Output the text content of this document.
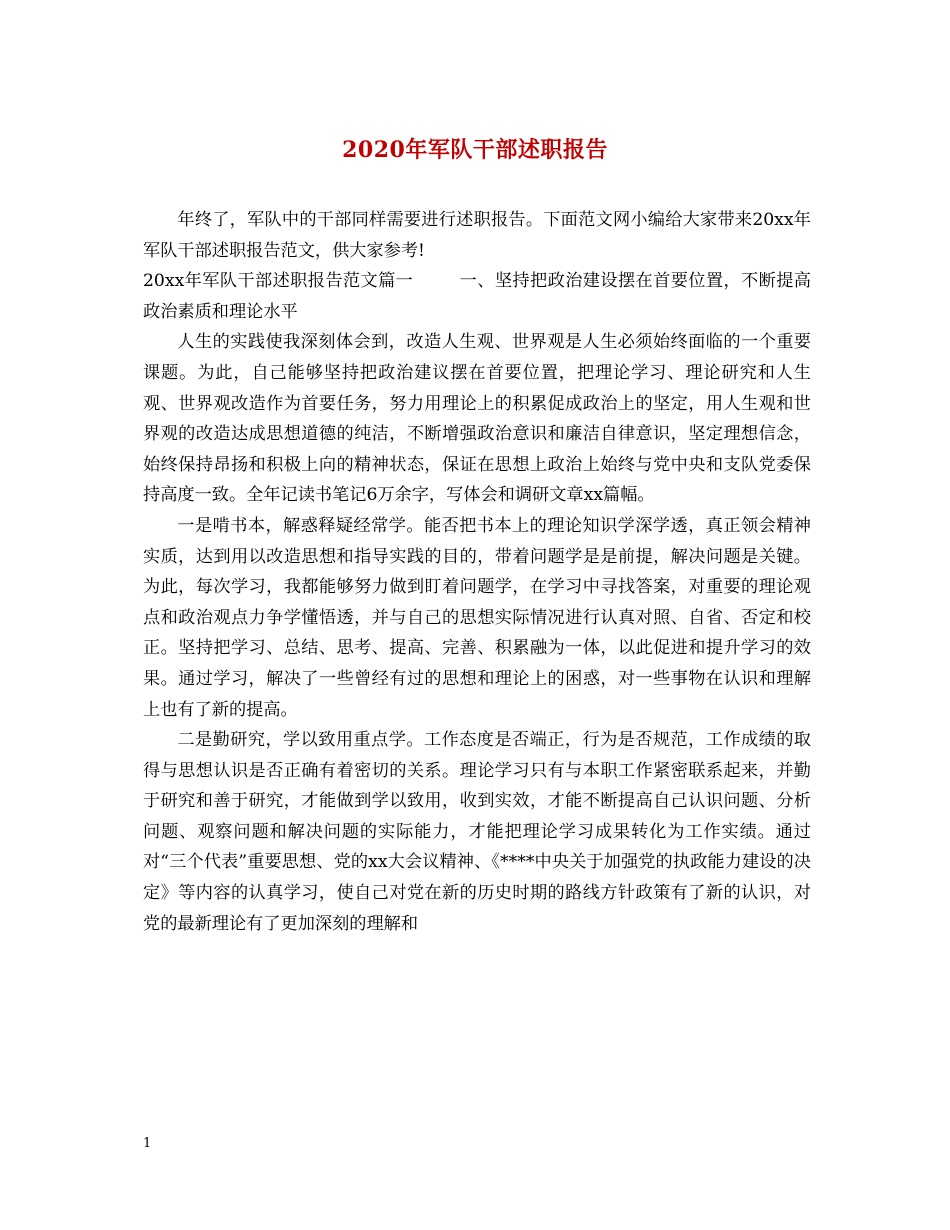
2020年军队干部述职报告

年终了，军队中的干部同样需要进行述职报告。下面范文网小编给大家带来20xx年军队干部述职报告范文，供大家参考!

20xx年军队干部述职报告范文篇一	一、坚持把政治建设摆在首要位置，不断提高政治素质和理论水平

人生的实践使我深刻体会到，改造人生观、世界观是人生必须始终面临的一个重要课题。为此，自己能够坚持把政治建议摆在首要位置，把理论学习、理论研究和人生观、世界观改造作为首要任务，努力用理论上的积累促成政治上的坚定，用人生观和世界观的改造达成思想道德的纯洁，不断增强政治意识和廉洁自律意识，坚定理想信念，始终保持昂扬和积极上向的精神状态，保证在思想上政治上始终与党中央和支队党委保持高度一致。全年记读书笔记6万余字，写体会和调研文章xx篇幅。

一是啃书本，解惑释疑经常学。能否把书本上的理论知识学深学透，真正领会精神实质，达到用以改造思想和指导实践的目的，带着问题学是是前提，解决问题是关键。为此，每次学习，我都能够努力做到盯着问题学，在学习中寻找答案，对重要的理论观点和政治观点力争学懂悟透，并与自己的思想实际情况进行认真对照、自省、否定和校正。坚持把学习、总结、思考、提高、完善、积累融为一体，以此促进和提升学习的效果。通过学习，解决了一些曾经有过的思想和理论上的困惑，对一些事物在认识和理解上也有了新的提高。

二是勤研究，学以致用重点学。工作态度是否端正，行为是否规范，工作成绩的取得与思想认识是否正确有着密切的关系。理论学习只有与本职工作紧密联系起来，并勤于研究和善于研究，才能做到学以致用，收到实效，才能不断提高自己认识问题、分析问题、观察问题和解决问题的实际能力，才能把理论学习成果转化为工作实绩。通过对“三个代表”重要思想、党的xx大会议精神、《****中央关于加强党的执政能力建设的决定》等内容的认真学习，使自己对党在新的历史时期的路线方针政策有了新的认识，对党的最新理论有了更加深刻的理解和

1
